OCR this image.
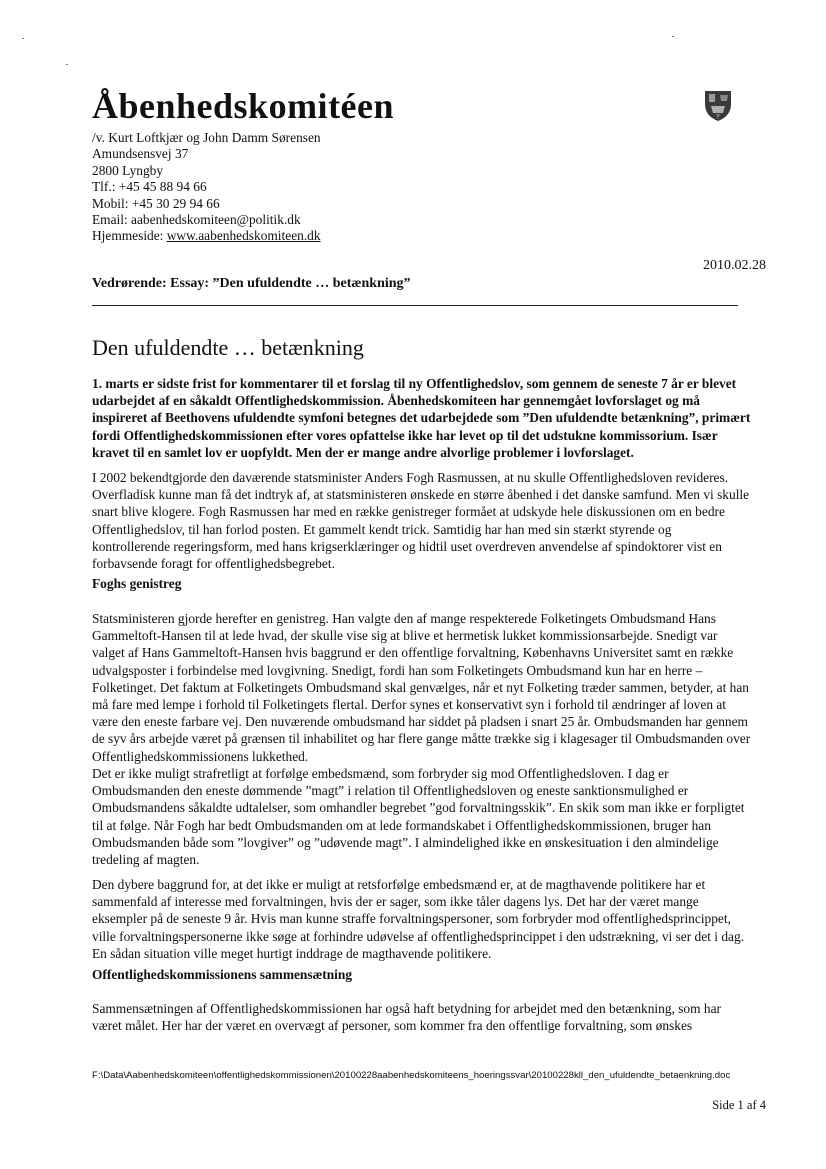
Åbenhedskomitéen
/v. Kurt Loftkjær og John Damm Sørensen
Amundsensvej 37
2800 Lyngby
Tlf.: +45 45 88 94 66
Mobil: +45 30 29 94 66
Email: aabenhedskomiteen@politik.dk
Hjemmeside: www.aabenhedskomiteen.dk
2010.02.28
Vedrørende: Essay: ”Den ufuldendte … betænkning”
Den ufuldendte … betænkning

1. marts er sidste frist for kommentarer til et forslag til ny Offentlighedslov, som gennem de seneste 7 år er blevet udarbejdet af en såkaldt Offentlighedskommission. Åbenhedskomiteen har gennemgået lovforslaget og må inspireret af Beethovens ufuldendte symfoni betegnes det udarbejdede som ”Den ufuldendte betænkning”, primært fordi Offentlighedskommissionen efter vores opfattelse ikke har levet op til det udstukne kommissorium. Især kravet til en samlet lov er uopfyldt. Men der er mange andre alvorlige problemer i lovforslaget.

I 2002 bekendtgjorde den daværende statsminister Anders Fogh Rasmussen, at nu skulle Offentlighedsloven revideres. Overfladisk kunne man få det indtryk af, at statsministeren ønskede en større åbenhed i det danske samfund. Men vi skulle snart blive klogere. Fogh Rasmussen har med en række genistreger formået at udskyde hele diskussionen om en bedre Offentlighedslov, til han forlod posten. Et gammelt kendt trick. Samtidig har han med sin stærkt styrende og kontrollerende regeringsform, med hans krigserklæringer og hidtil uset overdreven anvendelse af spindoktorer vist en forbavsende foragt for offentlighedsbegrebet.

Foghs genistreg

Statsministeren gjorde herefter en genistreg. Han valgte den af mange respekterede Folketingets Ombudsmand Hans Gammeltoft-Hansen til at lede hvad, der skulle vise sig at blive et hermetisk lukket kommissionsarbejde. Snedigt var valget af Hans Gammeltoft-Hansen hvis baggrund er den offentlige forvaltning, Københavns Universitet samt en række udvalgsposter i forbindelse med lovgivning. Snedigt, fordi han som Folketingets Ombudsmand kun har en herre – Folketinget. Det faktum at Folketingets Ombudsmand skal genvælges, når et nyt Folketing træder sammen, betyder, at han må fare med lempe i forhold til Folketingets flertal. Derfor synes et konservativt syn i forhold til ændringer af loven at være den eneste farbare vej. Den nuværende ombudsmand har siddet på pladsen i snart 25 år. Ombudsmanden har gennem de syv års arbejde været på grænsen til inhabilitet og har flere gange måtte trække sig i klagesager til Ombudsmanden over Offentlighedskommissionens lukkethed.

Det er ikke muligt strafretligt at forfølge embedsmænd, som forbryder sig mod Offentlighedsloven. I dag er Ombudsmanden den eneste dømmende ”magt” i relation til Offentlighedsloven og eneste sanktionsmulighed er Ombudsmandens såkaldte udtalelser, som omhandler begrebet ”god forvaltningsskik”. En skik som man ikke er forpligtet til at følge. Når Fogh har bedt Ombudsmanden om at lede formandskabet i Offentlighedskommissionen, bruger han Ombudsmanden både som ”lovgiver” og ”udøvende magt”. I almindelighed ikke en ønskesituation i den almindelige tredeling af magten.

Den dybere baggrund for, at det ikke er muligt at retsforfølge embedsmænd er, at de magthavende politikere har et sammenfald af interesse med forvaltningen, hvis der er sager, som ikke tåler dagens lys. Det har der været mange eksempler på de seneste 9 år. Hvis man kunne straffe forvaltningspersoner, som forbryder mod offentlighedsprincippet, ville forvaltningspersonerne ikke søge at forhindre udøvelse af offentlighedsprincippet i den udstrækning, vi ser det i dag. En sådan situation ville meget hurtigt inddrage de magthavende politikere.

Offentlighedskommissionens sammensætning

Sammensætningen af Offentlighedskommissionen har også haft betydning for arbejdet med den betænkning, som har været målet. Her har der været en overvægt af personer, som kommer fra den offentlige forvaltning, som ønskes

F:\Data\Aabenhedskomiteen\offentlighedskommissionen\20100228aabenhedskomiteens_hoeringssvar\20100228kll_den_ufuldendte_betaenkning.doc
Side 1 af 4
